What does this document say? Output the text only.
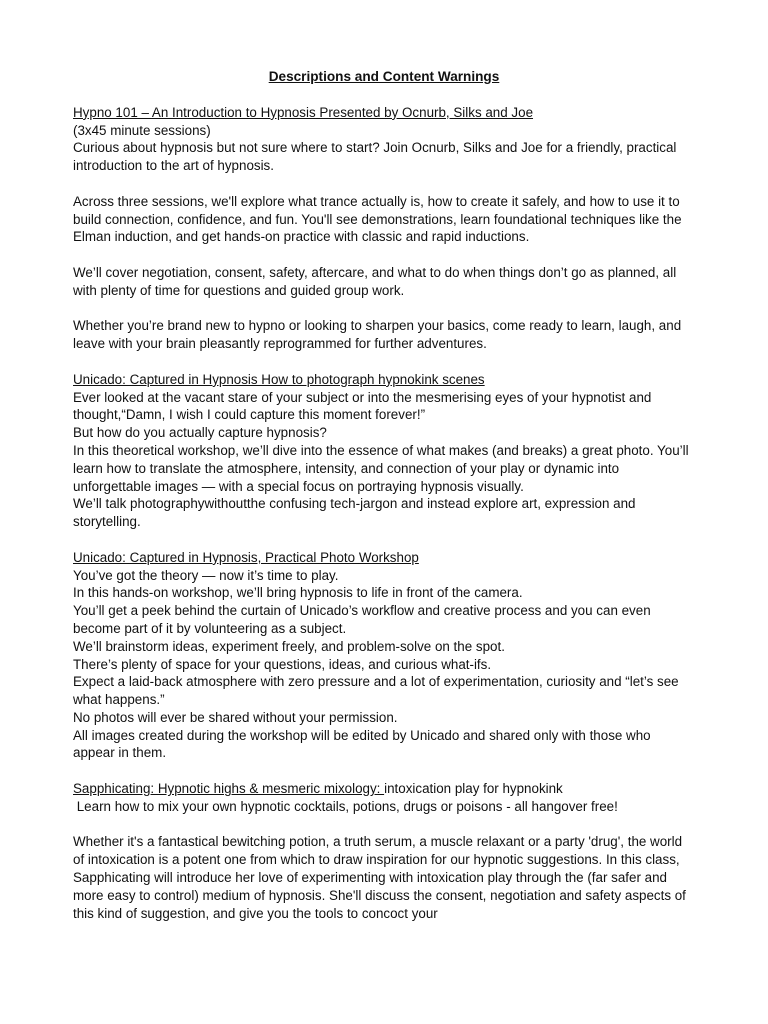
Descriptions and Content Warnings
Hypno 101 – An Introduction to Hypnosis Presented by Ocnurb, Silks and Joe
(3x45 minute sessions)

Curious about hypnosis but not sure where to start? Join Ocnurb, Silks and Joe for a friendly, practical introduction to the art of hypnosis.

Across three sessions, we'll explore what trance actually is, how to create it safely, and how to use it to build connection, confidence, and fun. You'll see demonstrations, learn foundational techniques like the Elman induction, and get hands-on practice with classic and rapid inductions.

We’ll cover negotiation, consent, safety, aftercare, and what to do when things don’t go as planned, all with plenty of time for questions and guided group work.

Whether you’re brand new to hypno or looking to sharpen your basics, come ready to learn, laugh, and leave with your brain pleasantly reprogrammed for further adventures.

Unicado: Captured in Hypnosis How to photograph hypnokink scenes

Ever looked at the vacant stare of your subject or into the mesmerising eyes of your hypnotist and thought,“Damn, I wish I could capture this moment forever!”

But how do you actually capture hypnosis?

In this theoretical workshop, we’ll dive into the essence of what makes (and breaks) a great photo. You’ll learn how to translate the atmosphere, intensity, and connection of your play or dynamic into unforgettable images — with a special focus on portraying hypnosis visually.

We’ll talk photographywithoutthe confusing tech-jargon and instead explore art, expression and storytelling.

Unicado: Captured in Hypnosis, Practical Photo Workshop

You’ve got the theory — now it’s time to play.

In this hands-on workshop, we’ll bring hypnosis to life in front of the camera.

You’ll get a peek behind the curtain of Unicado’s workflow and creative process and you can even become part of it by volunteering as a subject.

We’ll brainstorm ideas, experiment freely, and problem-solve on the spot.

There’s plenty of space for your questions, ideas, and curious what-ifs.

Expect a laid-back atmosphere with zero pressure and a lot of experimentation, curiosity and “let’s see what happens.”

No photos will ever be shared without your permission.

All images created during the workshop will be edited by Unicado and shared only with those who appear in them.

Sapphicating: Hypnotic highs & mesmeric mixology: intoxication play for hypnokink

Learn how to mix your own hypnotic cocktails, potions, drugs or poisons - all hangover free!

Whether it's a fantastical bewitching potion, a truth serum, a muscle relaxant or a party 'drug', the world of intoxication is a potent one from which to draw inspiration for our hypnotic suggestions. In this class, Sapphicating will introduce her love of experimenting with intoxication play through the (far safer and more easy to control) medium of hypnosis. She'll discuss the consent, negotiation and safety aspects of this kind of suggestion, and give you the tools to concoct your
